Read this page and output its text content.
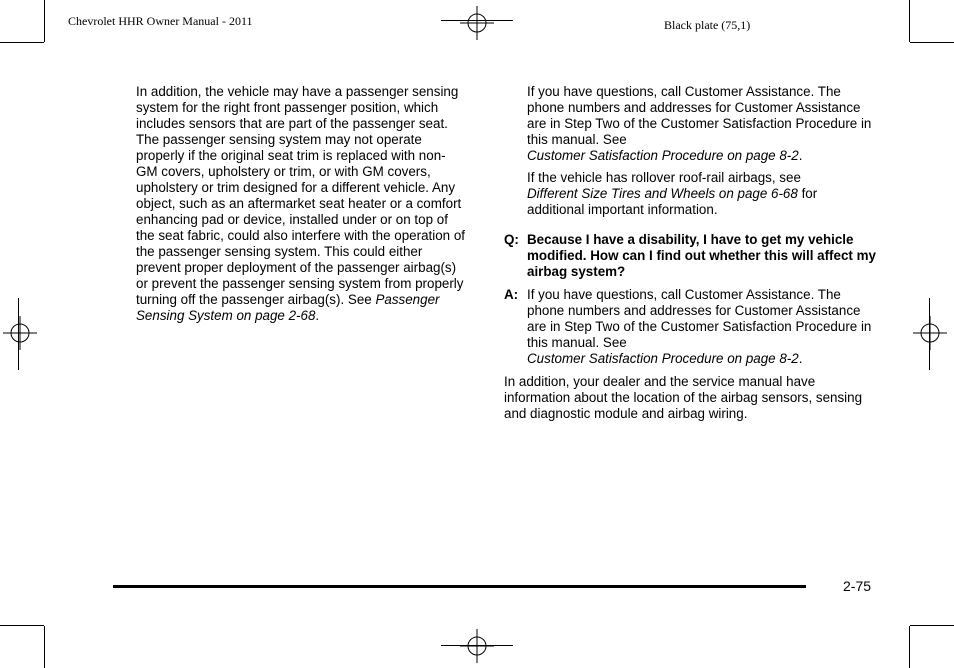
Chevrolet HHR Owner Manual - 2011	Black plate (75,1)

In addition, the vehicle may have a passenger sensing system for the right front passenger position, which includes sensors that are part of the passenger seat. The passenger sensing system may not operate properly if the original seat trim is replaced with non-GM covers, upholstery or trim, or with GM covers, upholstery or trim designed for a different vehicle. Any object, such as an aftermarket seat heater or a comfort enhancing pad or device, installed under or on top of the seat fabric, could also interfere with the operation of the passenger sensing system. This could either prevent proper deployment of the passenger airbag(s) or prevent the passenger sensing system from properly turning off the passenger airbag(s). See Passenger Sensing System on page 2-68.

If you have questions, call Customer Assistance. The phone numbers and addresses for Customer Assistance are in Step Two of the Customer Satisfaction Procedure in this manual. See
Customer Satisfaction Procedure on page 8-2.

If the vehicle has rollover roof-rail airbags, see
Different Size Tires and Wheels on page 6-68 for additional important information.

Q: Because I have a disability, I have to get my vehicle modified. How can I find out whether this will affect my airbag system?
A: If you have questions, call Customer Assistance. The phone numbers and addresses for Customer Assistance are in Step Two of the Customer Satisfaction Procedure in this manual. See
Customer Satisfaction Procedure on page 8-2.

In addition, your dealer and the service manual have information about the location of the airbag sensors, sensing and diagnostic module and airbag wiring.

2-75
